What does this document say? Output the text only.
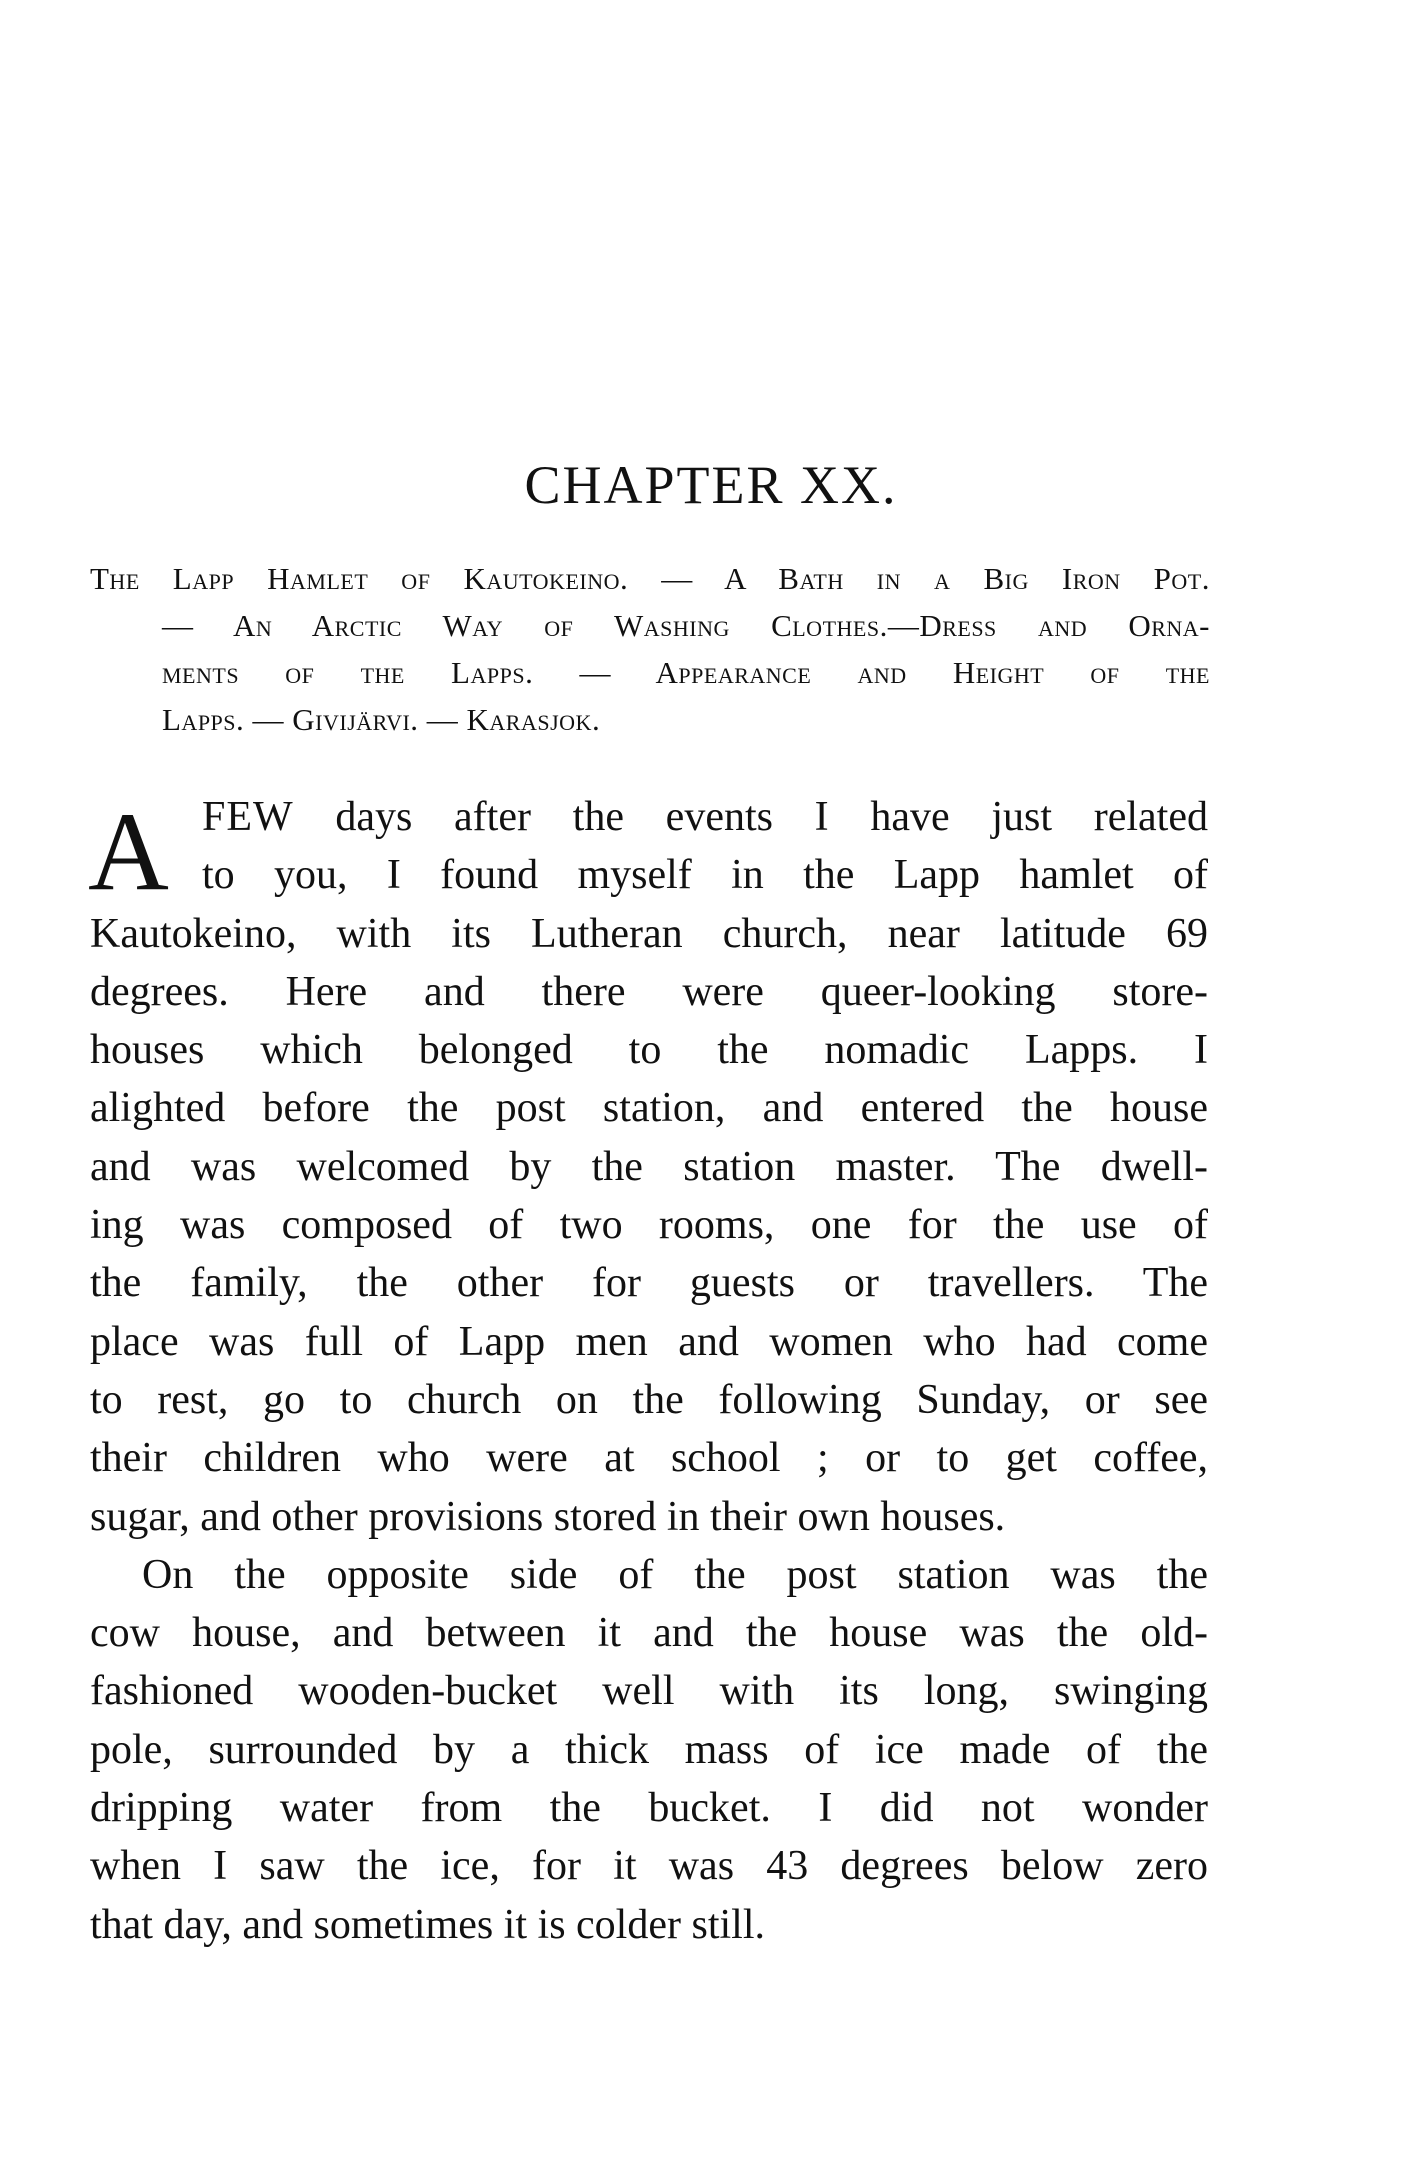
CHAPTER XX.
The Lapp Hamlet of Kautokeino. — A Bath in a Big Iron Pot.
— An Arctic Way of Washing Clothes.—Dress and Orna-
ments of the Lapps. — Appearance and Height of the
Lapps. — Givijärvi. — Karasjok.
A FEW days after the events I have just related
to you, I found myself in the Lapp hamlet of
Kautokeino, with its Lutheran church, near latitude 69
degrees. Here and there were queer-looking store-
houses which belonged to the nomadic Lapps. I
alighted before the post station, and entered the house
and was welcomed by the station master. The dwell-
ing was composed of two rooms, one for the use of
the family, the other for guests or travellers. The
place was full of Lapp men and women who had come
to rest, go to church on the following Sunday, or see
their children who were at school ; or to get coffee,
sugar, and other provisions stored in their own houses.
On the opposite side of the post station was the
cow house, and between it and the house was the old-
fashioned wooden-bucket well with its long, swinging
pole, surrounded by a thick mass of ice made of the
dripping water from the bucket. I did not wonder
when I saw the ice, for it was 43 degrees below zero
that day, and sometimes it is colder still.
